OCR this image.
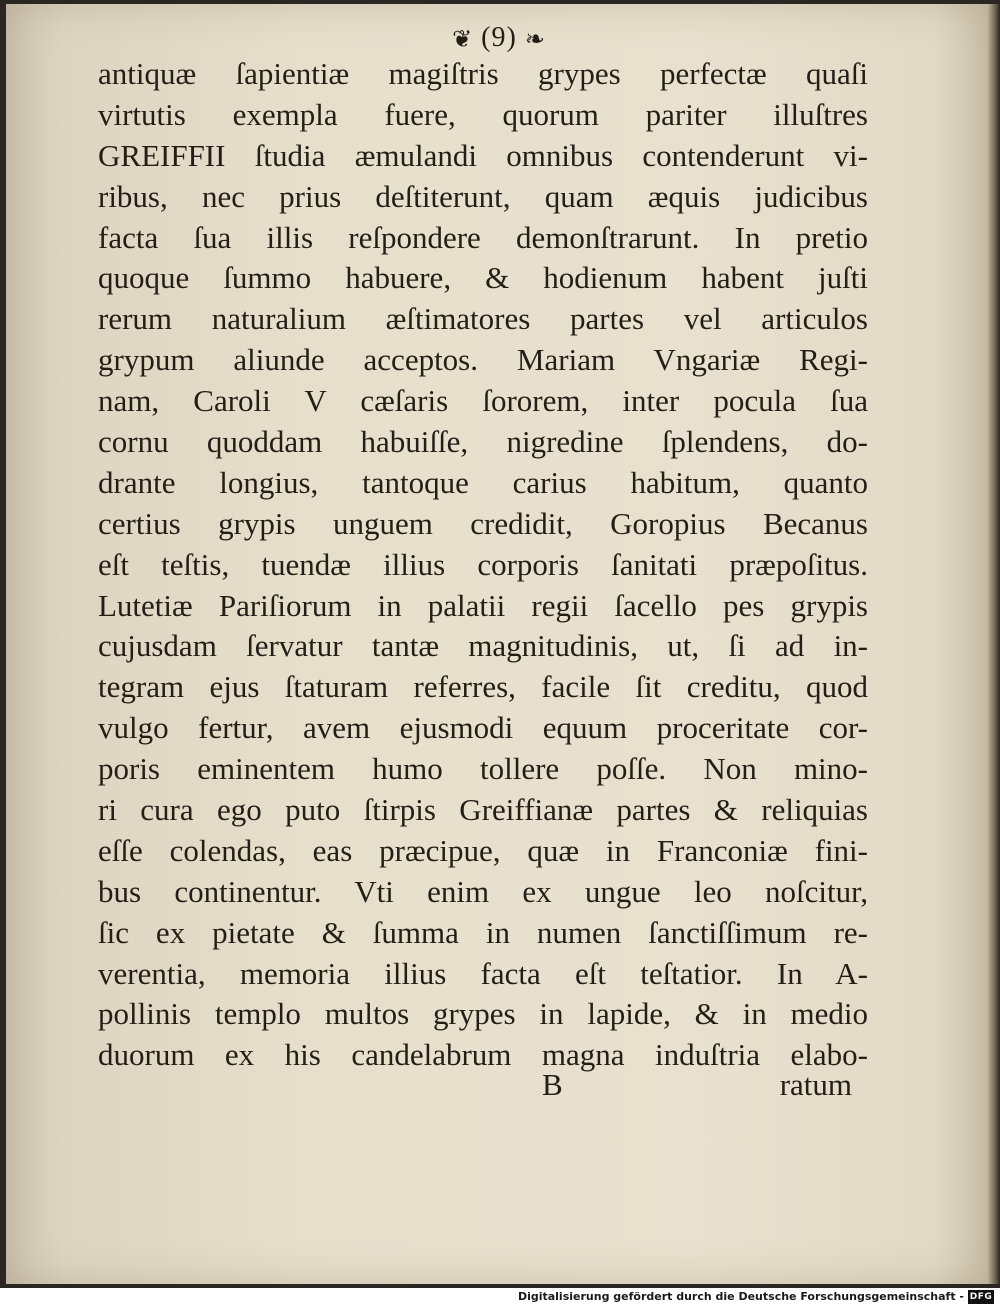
❦ (9) ❧
antiquæ ſapientiæ magiſtris grypes perfectæ quaſi
virtutis exempla fuere, quorum pariter illuſtres
GREIFFII ſtudia æmulandi omnibus contenderunt vi-
ribus, nec prius deſtiterunt, quam æquis judicibus
facta ſua illis reſpondere demonſtrarunt. In pretio
quoque ſummo habuere, & hodienum habent juſti
rerum naturalium æſtimatores partes vel articulos
grypum aliunde acceptos. Mariam Vngariæ Regi-
nam, Caroli V cæſaris ſororem, inter pocula ſua
cornu quoddam habuiſſe, nigredine ſplendens, do-
drante longius, tantoque carius habitum, quanto
certius grypis unguem credidit, Goropius Becanus
eſt teſtis, tuendæ illius corporis ſanitati præpoſitus.
Lutetiæ Pariſiorum in palatii regii ſacello pes grypis
cujusdam ſervatur tantæ magnitudinis, ut, ſi ad in-
tegram ejus ſtaturam referres, facile ſit creditu, quod
vulgo fertur, avem ejusmodi equum proceritate cor-
poris eminentem humo tollere poſſe. Non mino-
ri cura ego puto ſtirpis Greiffianæ partes & reliquias
eſſe colendas, eas præcipue, quæ in Franconiæ fini-
bus continentur. Vti enim ex ungue leo noſcitur,
ſic ex pietate & ſumma in numen ſanctiſſimum re-
verentia, memoria illius facta eſt teſtatior. In A-
pollinis templo multos grypes in lapide, & in medio
duorum ex his candelabrum magna induſtria elabo-
B	ratum
Digitalisierung gefördert durch die Deutsche Forschungsgemeinschaft - DFG
